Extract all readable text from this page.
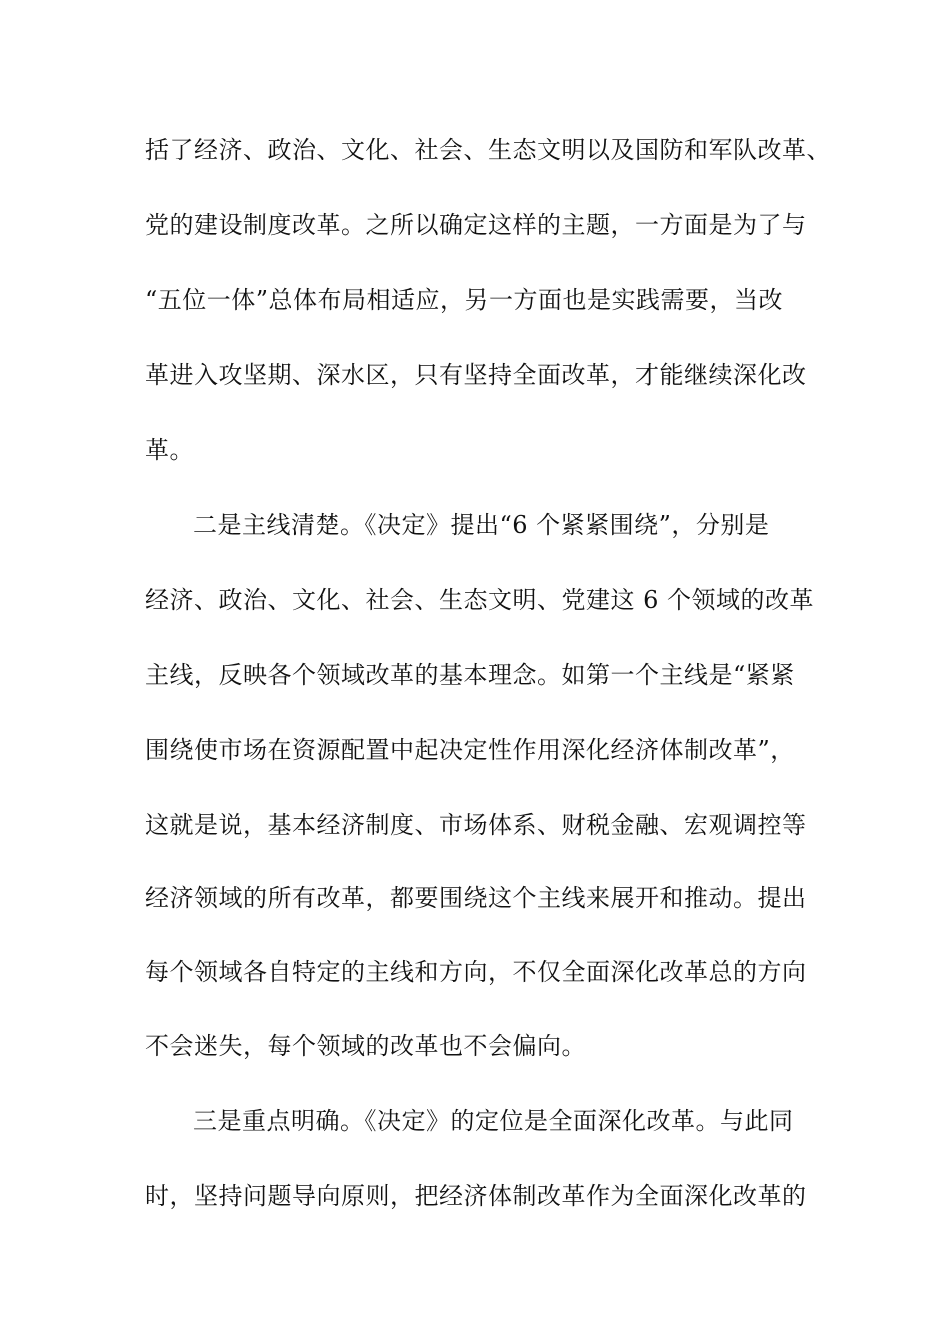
括了经济、政治、文化、社会、生态文明以及国防和军队改革、
党的建设制度改革。之所以确定这样的主题，一方面是为了与
“五位一体”总体布局相适应，另一方面也是实践需要，当改
革进入攻坚期、深水区，只有坚持全面改革，才能继续深化改
革。
二是主线清楚。《决定》提出“6 个紧紧围绕”，分别是
经济、政治、文化、社会、生态文明、党建这 6 个领域的改革
主线，反映各个领域改革的基本理念。如第一个主线是“紧紧
围绕使市场在资源配置中起决定性作用深化经济体制改革”，
这就是说，基本经济制度、市场体系、财税金融、宏观调控等
经济领域的所有改革，都要围绕这个主线来展开和推动。提出
每个领域各自特定的主线和方向，不仅全面深化改革总的方向
不会迷失，每个领域的改革也不会偏向。
三是重点明确。《决定》的定位是全面深化改革。与此同
时，坚持问题导向原则，把经济体制改革作为全面深化改革的
